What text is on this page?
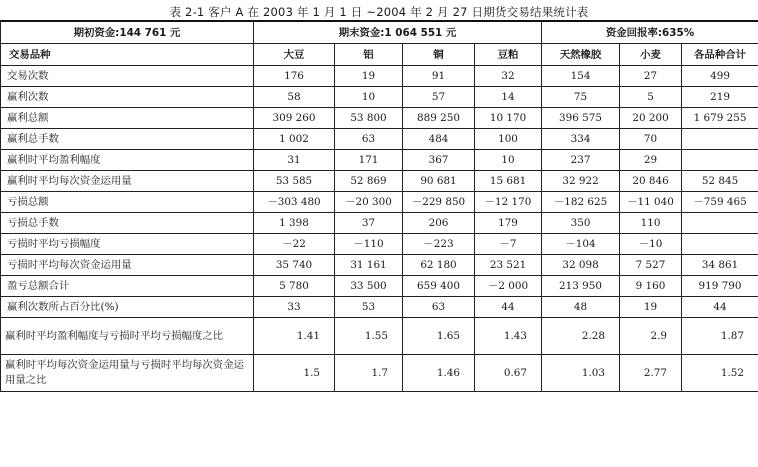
表 2-1 客户 A 在 2003 年 1 月 1 日 ~2004 年 2 月 27 日期货交易结果统计表
期初资金:144 761 元	期末资金:1 064 551 元				资金回报率:635%		
交易品种	大豆	铝	铜	豆粕	天然橡胶	小麦	各品种合计
交易次数	176	19	91	32	154	27	499
赢利次数	58	10	57	14	75	5	219
赢利总额	309 260	53 800	889 250	10 170	396 575	20 200	1 679 255
赢利总手数	1 002	63	484	100	334	70	
赢利时平均盈利幅度	31	171	367	10	237	29	
赢利时平均每次资金运用量	53 585	52 869	90 681	15 681	32 922	20 846	52 845
亏损总额	－303 480	－20 300	－229 850	－12 170	－182 625	－11 040	－759 465
亏损总手数	1 398	37	206	179	350	110	
亏损时平均亏损幅度	－22	－110	－223	－7	－104	－10	
亏损时平均每次资金运用量	35 740	31 161	62 180	23 521	32 098	7 527	34 861
盈亏总额合计	5 780	33 500	659 400	－2 000	213 950	9 160	919 790
赢利次数所占百分比(%)	33	53	63	44	48	19	44
赢利时平均盈利幅度与亏损时平均亏损幅度之比	1.41	1.55	1.65	1.43	2.28	2.9	1.87
赢利时平均每次资金运用量与亏损时平均每次资金运用量之比	1.5	1.7	1.46	0.67	1.03	2.77	1.52
